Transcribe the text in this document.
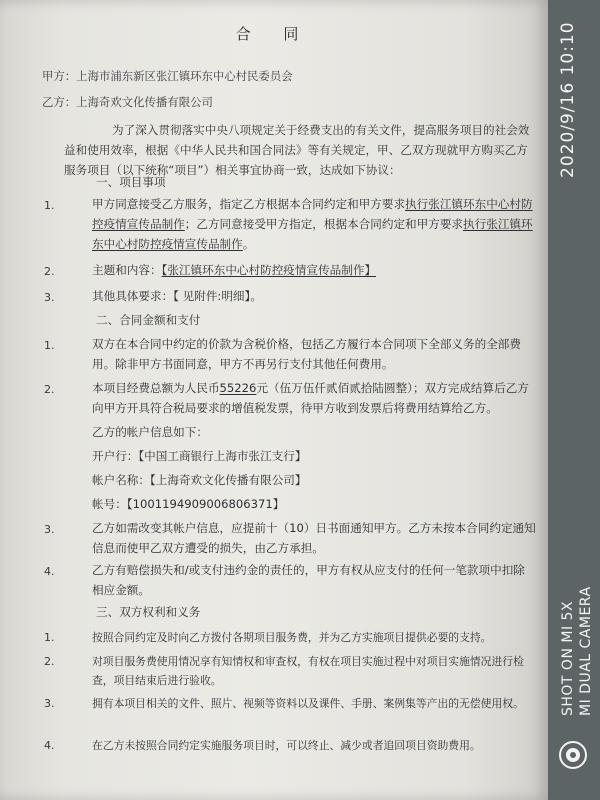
合 同
甲方：上海市浦东新区张江镇环东中心村民委员会
乙方：上海奇欢文化传播有限公司
为了深入贯彻落实中央八项规定关于经费支出的有关文件，提高服务项目的社会效益和使用效率，根据《中华人民共和国合同法》等有关规定，甲、乙双方现就甲方购买乙方服务项目（以下统称“项目”）相关事宜协商一致，达成如下协议：
一、项目事项
1.	甲方同意接受乙方服务，指定乙方根据本合同约定和甲方要求执行张江镇环东中心村防控疫情宣传品制作；乙方同意接受甲方指定，根据本合同约定和甲方要求执行张江镇环东中心村防控疫情宣传品制作。
2.	主题和内容：【张江镇环东中心村防控疫情宣传品制作】
3.	其他具体要求：【 见附件:明细】。
二、合同金额和支付
1.	双方在本合同中约定的价款为含税价格，包括乙方履行本合同项下全部义务的全部费用。除非甲方书面同意，甲方不再另行支付其他任何费用。
2.	本项目经费总额为人民币55226元（伍万伍仟贰佰贰拾陆圆整）；双方完成结算后乙方向甲方开具符合税局要求的增值税发票，待甲方收到发票后将费用结算给乙方。
乙方的帐户信息如下：
开户行：【中国工商银行上海市张江支行】
帐户名称：【上海奇欢文化传播有限公司】
帐号：【1001194909006806371】
3.	乙方如需改变其帐户信息，应提前十（10）日书面通知甲方。乙方未按本合同约定通知信息而使甲乙双方遭受的损失，由乙方承担。
4.	乙方有赔偿损失和/或支付违约金的责任的，甲方有权从应支付的任何一笔款项中扣除相应金额。
三、双方权利和义务
1.	按照合同约定及时向乙方拨付各期项目服务费，并为乙方实施项目提供必要的支持。
2.	对项目服务费使用情况享有知情权和审查权，有权在项目实施过程中对项目实施情况进行检查，项目结束后进行验收。
3.	拥有本项目相关的文件、照片、视频等资料以及课件、手册、案例集等产出的无偿使用权。
4.	在乙方未按照合同约定实施服务项目时，可以终止、减少或者追回项目资助费用。
2020/9/16 10:10
SHOT ON MI 5X MI DUAL CAMERA
